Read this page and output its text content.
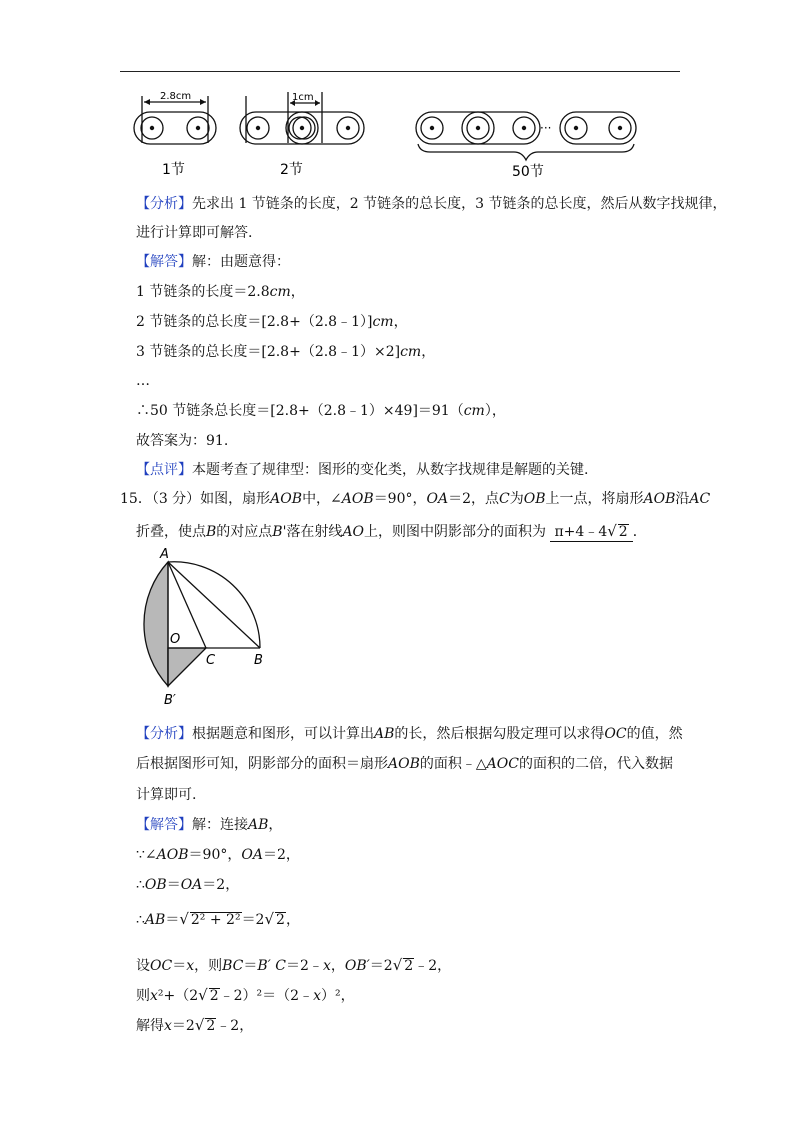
2.8cm	1cm
···
1节	2节	50节
【分析】先求出 1 节链条的长度，2 节链条的总长度，3 节链条的总长度，然后从数字找规律，
进行计算即可解答.
【解答】解：由题意得：
1 节链条的长度＝2.8cm，
2 节链条的总长度＝[2.8+（2.8﹣1）]cm，
3 节链条的总长度＝[2.8+（2.8﹣1）×2]cm，
…
∴50 节链条总长度＝[2.8+（2.8﹣1）×49]＝91（cm），
故答案为：91.
【点评】本题考查了规律型：图形的变化类，从数字找规律是解题的关键.
15．（3 分）如图，扇形AOB中，∠AOB＝90°，OA＝2，点C为OB上一点，将扇形AOB沿AC
折叠，使点B的对应点B'落在射线AO上，则图中阴影部分的面积为 π+4﹣4√ 2 ．
A
O
C	B
B′
【分析】根据题意和图形，可以计算出AB的长，然后根据勾股定理可以求得OC的值，然
后根据图形可知，阴影部分的面积＝扇形AOB的面积﹣△AOC的面积的二倍，代入数据
计算即可.
【解答】解：连接AB，
∵∠AOB＝90°，OA＝2，
∴OB＝OA＝2，
∴AB＝√ 2² + 2²＝2√ 2，
设OC＝x，则BC＝B′ C＝2﹣x，OB′＝2√ 2﹣2，
则x²+（2√ 2﹣2）²＝（2﹣x）²，
解得x＝2√ 2﹣2，
